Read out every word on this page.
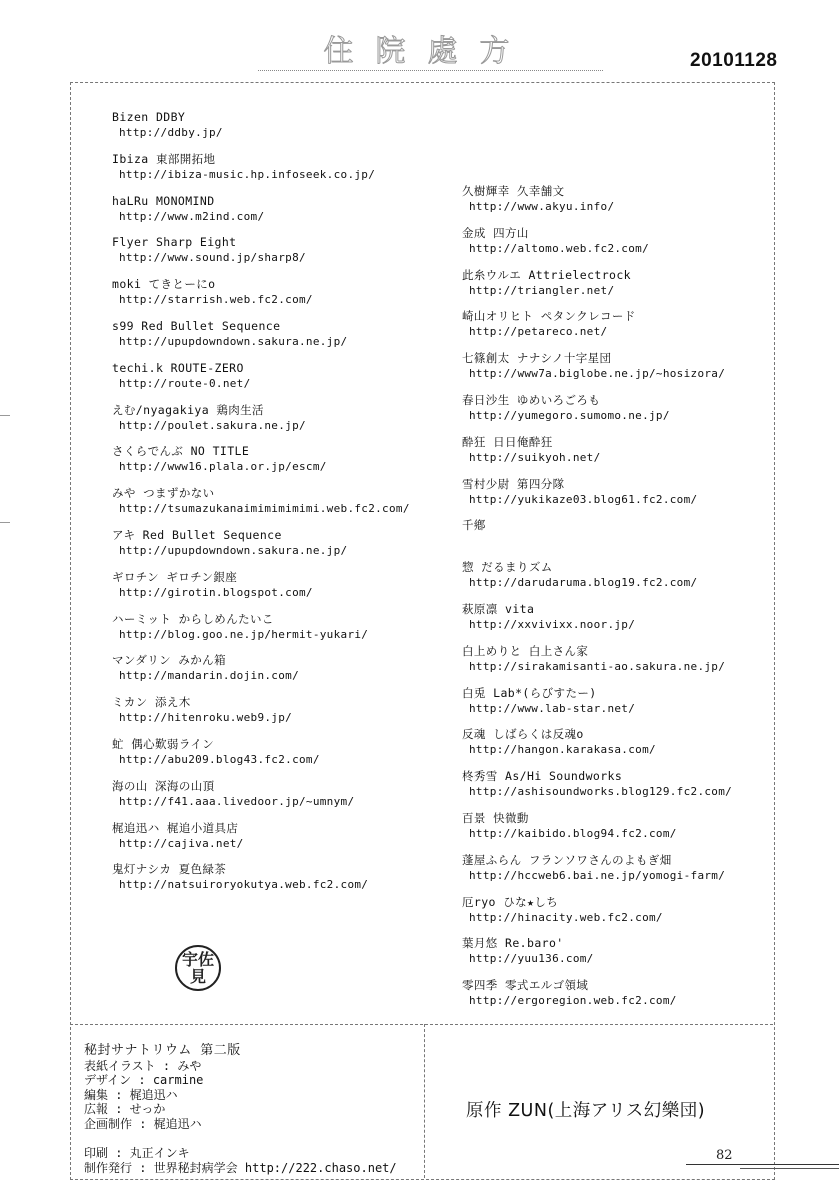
住院處方	20101128
Bizen DDBY
http://ddby.jp/
Ibiza 東部開拓地
http://ibiza-music.hp.infoseek.co.jp/
haLRu MONOMIND
http://www.m2ind.com/
Flyer Sharp Eight
http://www.sound.jp/sharp8/
moki てきとーにo
http://starrish.web.fc2.com/
s99 Red Bullet Sequence
http://upupdowndown.sakura.ne.jp/
techi.k ROUTE-ZERO
http://route-0.net/
えむ/nyagakiya 鶏肉生活
http://poulet.sakura.ne.jp/
さくらでんぶ NO TITLE
http://www16.plala.or.jp/escm/
みや つまずかない
http://tsumazukanaimimimimimi.web.fc2.com/
アキ Red Bullet Sequence
http://upupdowndown.sakura.ne.jp/
ギロチン ギロチン銀座
http://girotin.blogspot.com/
ハーミット からしめんたいこ
http://blog.goo.ne.jp/hermit-yukari/
マンダリン みかん箱
http://mandarin.dojin.com/
ミカン 添え木
http://hitenroku.web9.jp/
虻 偶心歎弱ライン
http://abu209.blog43.fc2.com/
海の山 深海の山頂
http://f41.aaa.livedoor.jp/~umnym/
梶追迅ハ 梶追小道具店
http://cajiva.net/
鬼灯ナシカ 夏色緑茶
http://natsuiroryokutya.web.fc2.com/
久樹輝幸 久幸舗文
http://www.akyu.info/
金成 四方山
http://altomo.web.fc2.com/
此糸ウルエ Attrielectrock
http://triangler.net/
崎山オリヒト ペタンクレコード
http://petareco.net/
七篠創太 ナナシノ十字星団
http://www7a.biglobe.ne.jp/~hosizora/
春日沙生 ゆめいろごろも
http://yumegoro.sumomo.ne.jp/
酔狂 日日俺酔狂
http://suikyoh.net/
雪村少尉 第四分隊
http://yukikaze03.blog61.fc2.com/
千鄕
惣 だるまりズム
http://darudaruma.blog19.fc2.com/
萩原凛 vita
http://xxvivixx.noor.jp/
白上めりと 白上さん家
http://sirakamisanti-ao.sakura.ne.jp/
白兎 Lab*(らびすたー)
http://www.lab-star.net/
反魂 しばらくは反魂o
http://hangon.karakasa.com/
柊秀雪 As/Hi Soundworks
http://ashisoundworks.blog129.fc2.com/
百景 快微動
http://kaibido.blog94.fc2.com/
蓬屋ふらん フランソワさんのよもぎ畑
http://hccweb6.bai.ne.jp/yomogi-farm/
厄ryo ひな★しち
http://hinacity.web.fc2.com/
葉月悠 Re.baro'
http://yuu136.com/
零四季 零式エルゴ領域
http://ergoregion.web.fc2.com/
宇佐
見
秘封サナトリウム 第二版
表紙イラスト : みや
デザイン : carmine
編集 : 梶追迅ハ
広報 : せっか
企画制作 : 梶追迅ハ
印刷 : 丸正インキ
制作発行 : 世界秘封病学会 http://222.chaso.net/
原作 ZUN(上海アリス幻樂団)
82
